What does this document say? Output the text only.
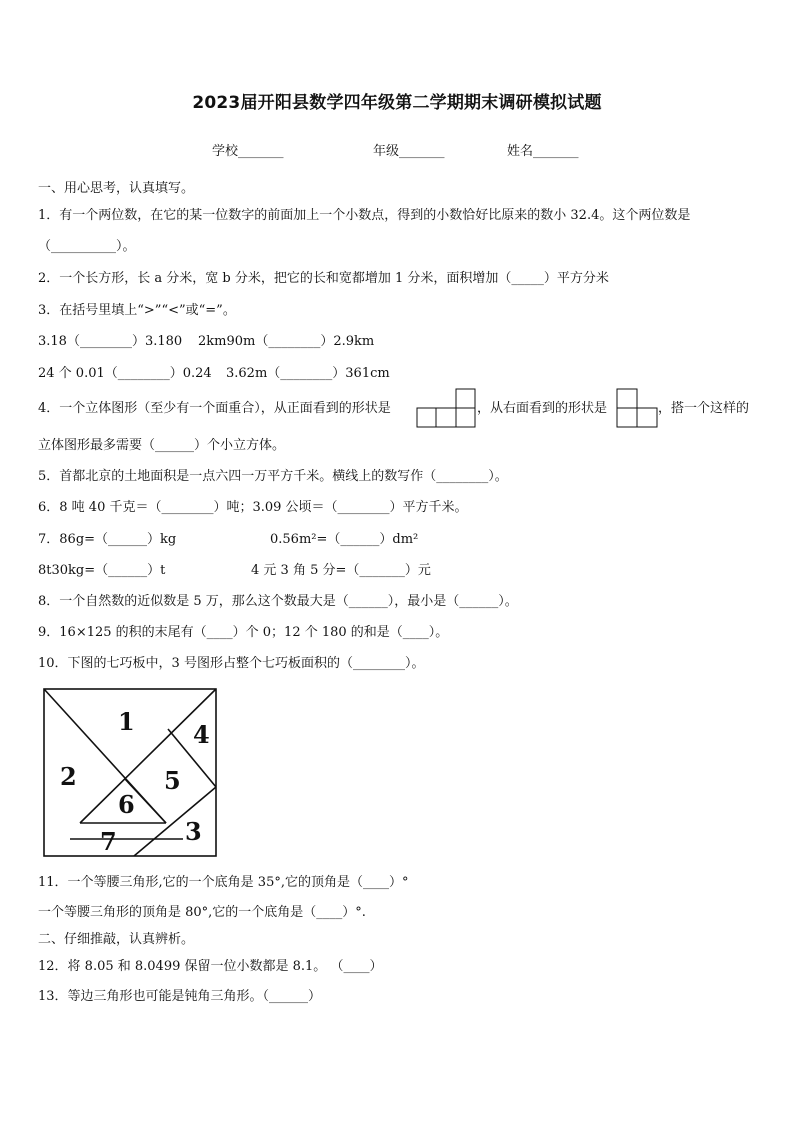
2023届开阳县数学四年级第二学期期末调研模拟试题
学校_______	年级_______	姓名_______
一、用心思考，认真填写。
1．有一个两位数，在它的某一位数字的前面加上一个小数点，得到的小数恰好比原来的数小 32.4。这个两位数是
（__________）。
2．一个长方形，长 a 分米，宽 b 分米，把它的长和宽都增加 1 分米，面积增加（_____）平方分米
3．在括号里填上“>”“<”或“=”。
3.18（________）3.180 2km90m（________）2.9km
24 个 0.01（________）0.24 3.62m（________）361cm
4．一个立体图形（至少有一个面重合），从正面看到的形状是	，从右面看到的形状是	，搭一个这样的
立体图形最多需要（______）个小立方体。
5．首都北京的土地面积是一点六四一万平方千米。横线上的数写作（________）。
6．8 吨 40 千克＝（________）吨；3.09 公顷＝（________）平方千米。
7．86g=（______）kg	0.56m²=（______）dm²
8t30kg=（______）t	4 元 3 角 5 分=（_______）元
8．一个自然数的近似数是 5 万，那么这个数最大是（______），最小是（______）。
9．16×125 的积的末尾有（____）个 0；12 个 180 的和是（____）。
10．下图的七巧板中，3 号图形占整个七巧板面积的（________）。
1
2
3
4
5
6
7
11．一个等腰三角形,它的一个底角是 35°,它的顶角是（____）°
一个等腰三角形的顶角是 80°,它的一个底角是（____）°.
二、仔细推敲，认真辨析。
12．将 8.05 和 8.0499 保留一位小数都是 8.1。 （____）
13．等边三角形也可能是钝角三角形。（______）
